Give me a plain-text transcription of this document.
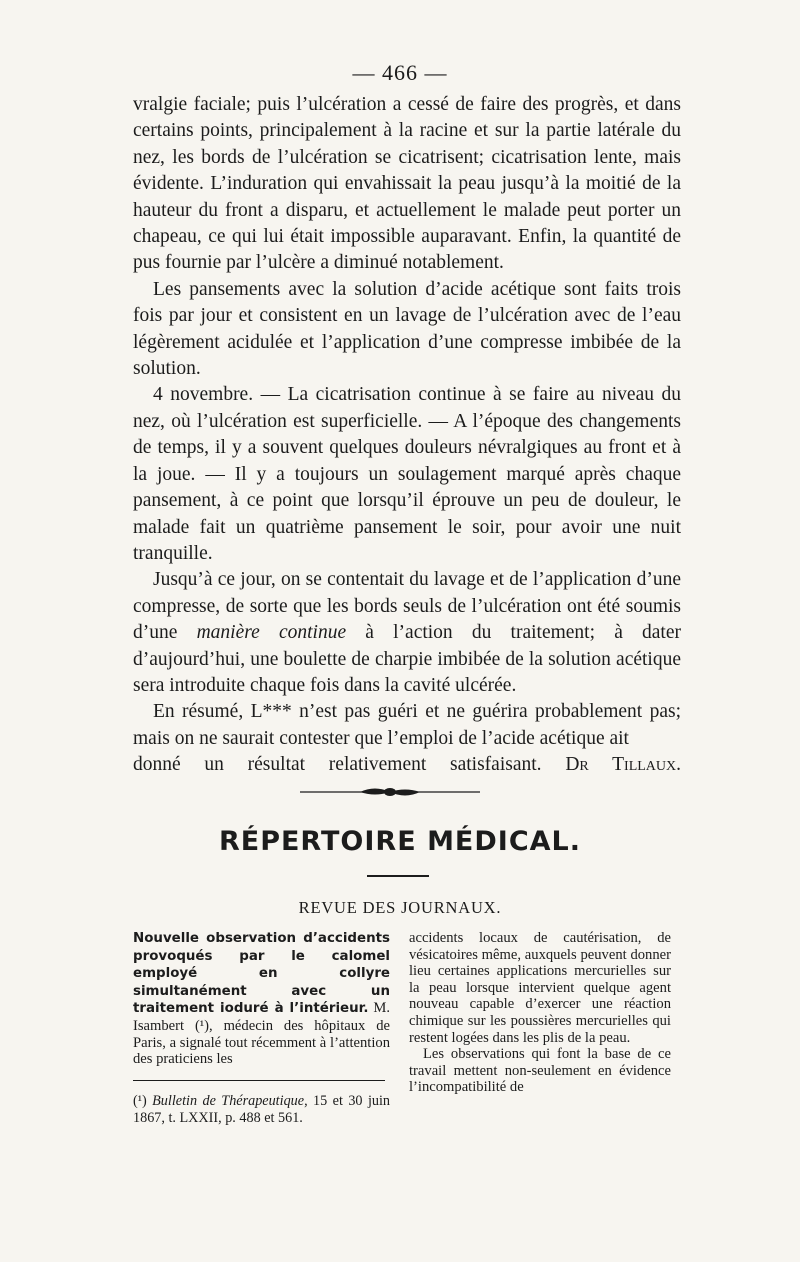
— 466 —

vralgie faciale; puis l’ulcération a cessé de faire des progrès, et dans certains points, principalement à la racine et sur la partie latérale du nez, les bords de l’ulcération se cicatrisent; cicatrisation lente, mais évidente. L’induration qui envahissait la peau jusqu’à la moitié de la hauteur du front a disparu, et actuellement le malade peut porter un chapeau, ce qui lui était impossible auparavant. Enfin, la quantité de pus fournie par l’ulcère a diminué notablement.

Les pansements avec la solution d’acide acétique sont faits trois fois par jour et consistent en un lavage de l’ulcération avec de l’eau légèrement acidulée et l’application d’une compresse imbibée de la solution.

4 novembre. — La cicatrisation continue à se faire au niveau du nez, où l’ulcération est superficielle. — A l’époque des changements de temps, il y a souvent quelques douleurs névralgiques au front et à la joue. — Il y a toujours un soulagement marqué après chaque pansement, à ce point que lorsqu’il éprouve un peu de douleur, le malade fait un quatrième pansement le soir, pour avoir une nuit tranquille.

Jusqu’à ce jour, on se contentait du lavage et de l’application d’une compresse, de sorte que les bords seuls de l’ulcération ont été soumis d’une manière continue à l’action du traitement; à dater d’aujourd’hui, une boulette de charpie imbibée de la solution acétique sera introduite chaque fois dans la cavité ulcérée.

En résumé, L*** n’est pas guéri et ne guérira probablement pas; mais on ne saurait contester que l’emploi de l’acide acétique ait

donné un résultat relativement satisfaisant. Dr Tillaux.
RÉPERTOIRE MÉDICAL.
REVUE DES JOURNAUX.

Nouvelle observation d’accidents provoqués par le calomel employé en collyre simultanément avec un traitement ioduré à l’intérieur. M. Isambert (¹), médecin des hôpitaux de Paris, a signalé tout récemment à l’attention des praticiens les

accidents locaux de cautérisation, de vésicatoires même, auxquels peuvent donner lieu certaines applications mercurielles sur la peau lorsque intervient quelque agent nouveau capable d’exercer une réaction chimique sur les poussières mercurielles qui restent logées dans les plis de la peau.

Les observations qui font la base de ce travail mettent non-seulement en évidence l’incompatibilité de

(¹) Bulletin de Thérapeutique, 15 et 30 juin 1867, t. LXXII, p. 488 et 561.
